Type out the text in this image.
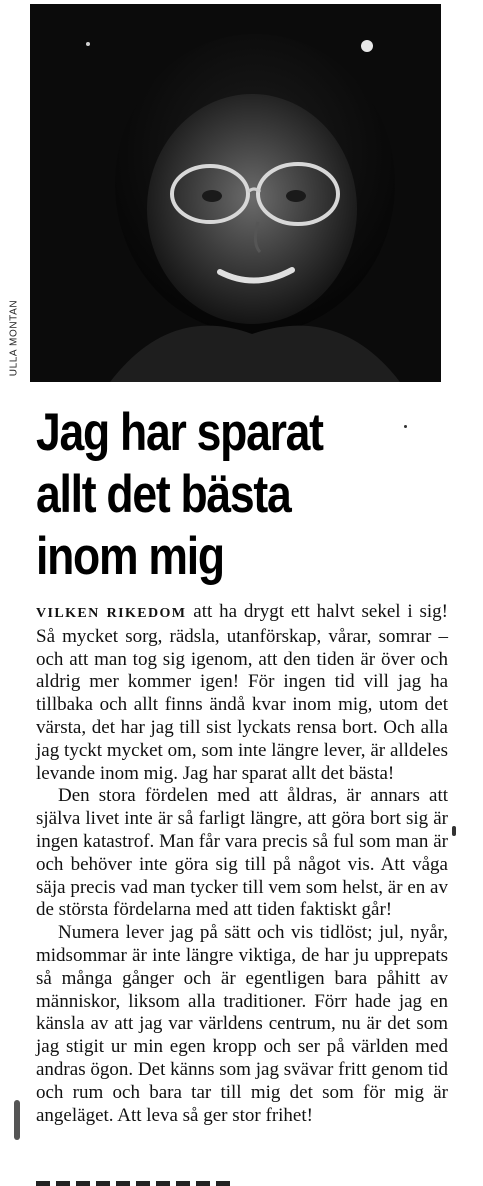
ULLA MONTAN
Jag har sparat
allt det bästa
inom mig

VILKEN RIKEDOM att ha drygt ett halvt sekel i sig! Så mycket sorg, rädsla, utanförskap, vårar, somrar – och att man tog sig igenom, att den tiden är över och aldrig mer kommer igen! För ingen tid vill jag ha tillbaka och allt finns ändå kvar inom mig, utom det värsta, det har jag till sist lyckats rensa bort. Och alla jag tyckt mycket om, som inte längre lever, är alldeles levande inom mig. Jag har sparat allt det bästa!

Den stora fördelen med att åldras, är annars att själva livet inte är så farligt längre, att göra bort sig är ingen katastrof. Man får vara precis så ful som man är och behöver inte göra sig till på något vis. Att våga säja precis vad man tycker till vem som helst, är en av de största fördelarna med att tiden faktiskt går!

Numera lever jag på sätt och vis tidlöst; jul, nyår, midsommar är inte längre viktiga, de har ju upprepats så många gånger och är egentligen bara påhitt av människor, liksom alla traditioner. Förr hade jag en känsla av att jag var världens centrum, nu är det som jag stigit ur min egen kropp och ser på världen med andras ögon. Det känns som jag svävar fritt genom tid och rum och bara tar till mig det som för mig är angeläget. Att leva så ger stor frihet!
